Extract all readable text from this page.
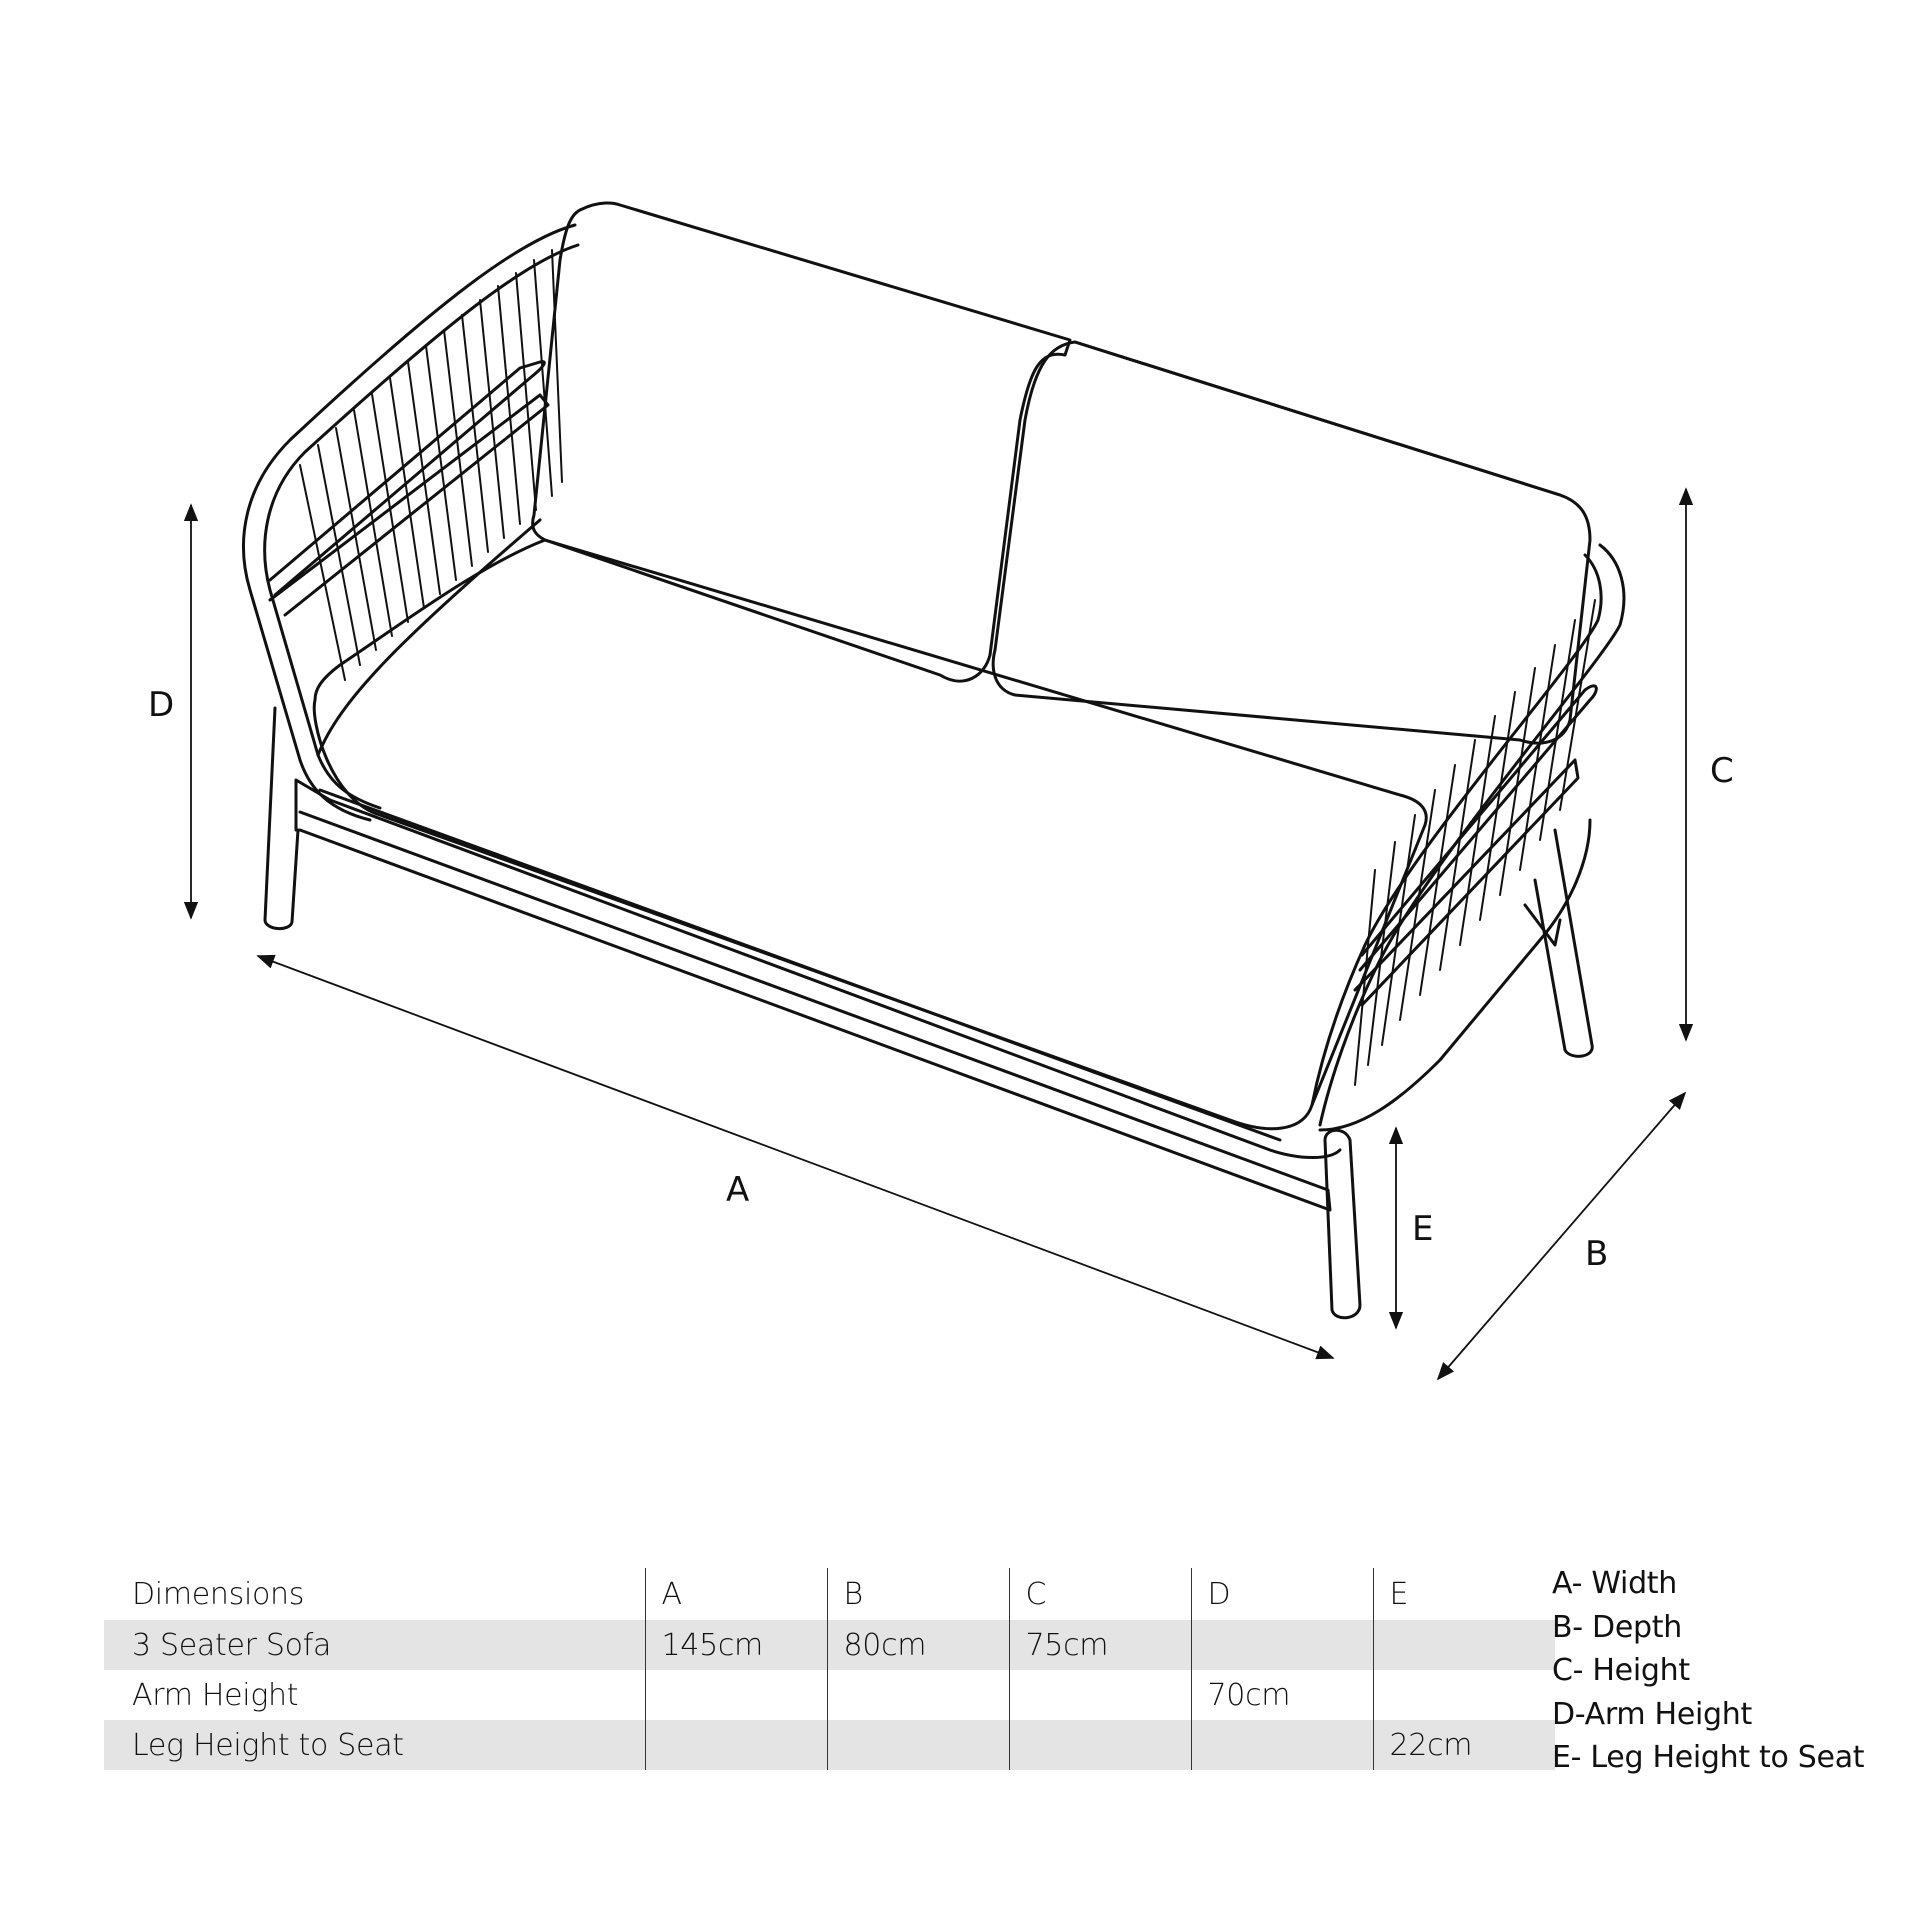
A
B
C
D
E
Dimensions	A	B	C	D	E
3 Seater Sofa	145cm	80cm	75cm		
Arm Height				70cm	
Leg Height to Seat					22cm
A- Width
B- Depth
C- Height
D-Arm Height
E- Leg Height to Seat
